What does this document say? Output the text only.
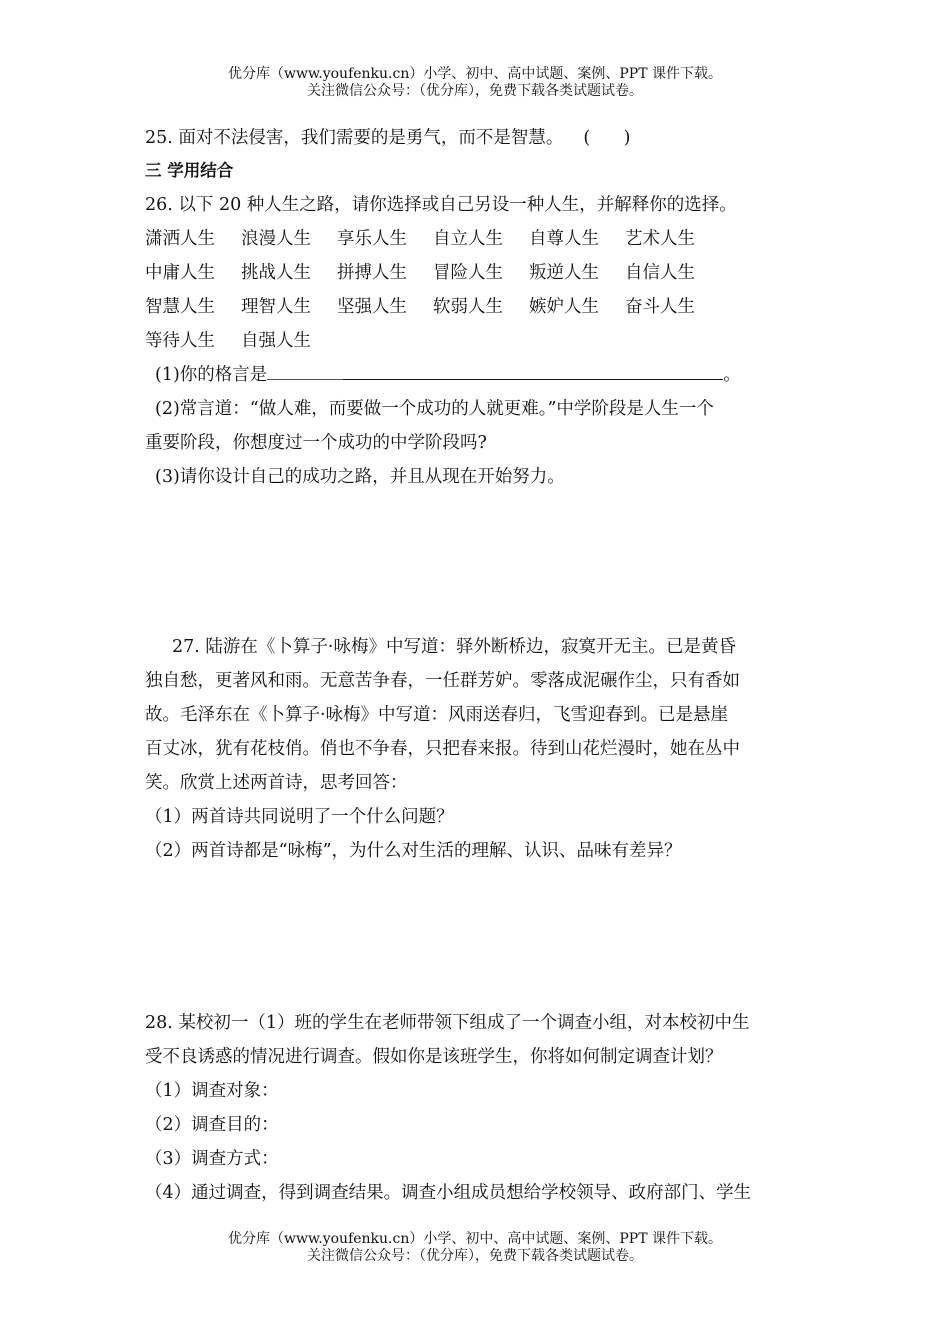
优分库（www.youfenku.cn）小学、初中、高中试题、案例、PPT 课件下载。
关注微信公众号：（优分库），免费下载各类试题试卷。
25. 面对不法侵害，我们需要的是勇气，而不是智慧。 (      )
三 学用结合
26. 以下 20 种人生之路，请你选择或自己另设一种人生，并解释你的选择。
潇洒人生	浪漫人生	享乐人生	自立人生	自尊人生	艺术人生
中庸人生	挑战人生	拼搏人生	冒险人生	叛逆人生	自信人生
智慧人生	理智人生	坚强人生	软弱人生	嫉妒人生	奋斗人生
等待人生	自强人生
(1)你的格言是	。
(2)常言道：“做人难，而要做一个成功的人就更难。”中学阶段是人生一个
重要阶段，你想度过一个成功的中学阶段吗?
(3)请你设计自己的成功之路，并且从现在开始努力。
27. 陆游在《卜算子·咏梅》中写道：驿外断桥边，寂寞开无主。已是黄昏
独自愁，更著风和雨。无意苦争春，一任群芳妒。零落成泥碾作尘，只有香如
故。毛泽东在《卜算子·咏梅》中写道：风雨送春归，飞雪迎春到。已是悬崖
百丈冰，犹有花枝俏。俏也不争春，只把春来报。待到山花烂漫时，她在丛中
笑。欣赏上述两首诗，思考回答：
（1）两首诗共同说明了一个什么问题？
（2）两首诗都是“咏梅”，为什么对生活的理解、认识、品味有差异？
28. 某校初一（1）班的学生在老师带领下组成了一个调查小组，对本校初中生
受不良诱惑的情况进行调查。假如你是该班学生，你将如何制定调查计划？
（1）调查对象：
（2）调查目的：
（3）调查方式：
（4）通过调查，得到调查结果。调查小组成员想给学校领导、政府部门、学生
优分库（www.youfenku.cn）小学、初中、高中试题、案例、PPT 课件下载。
关注微信公众号：（优分库），免费下载各类试题试卷。
